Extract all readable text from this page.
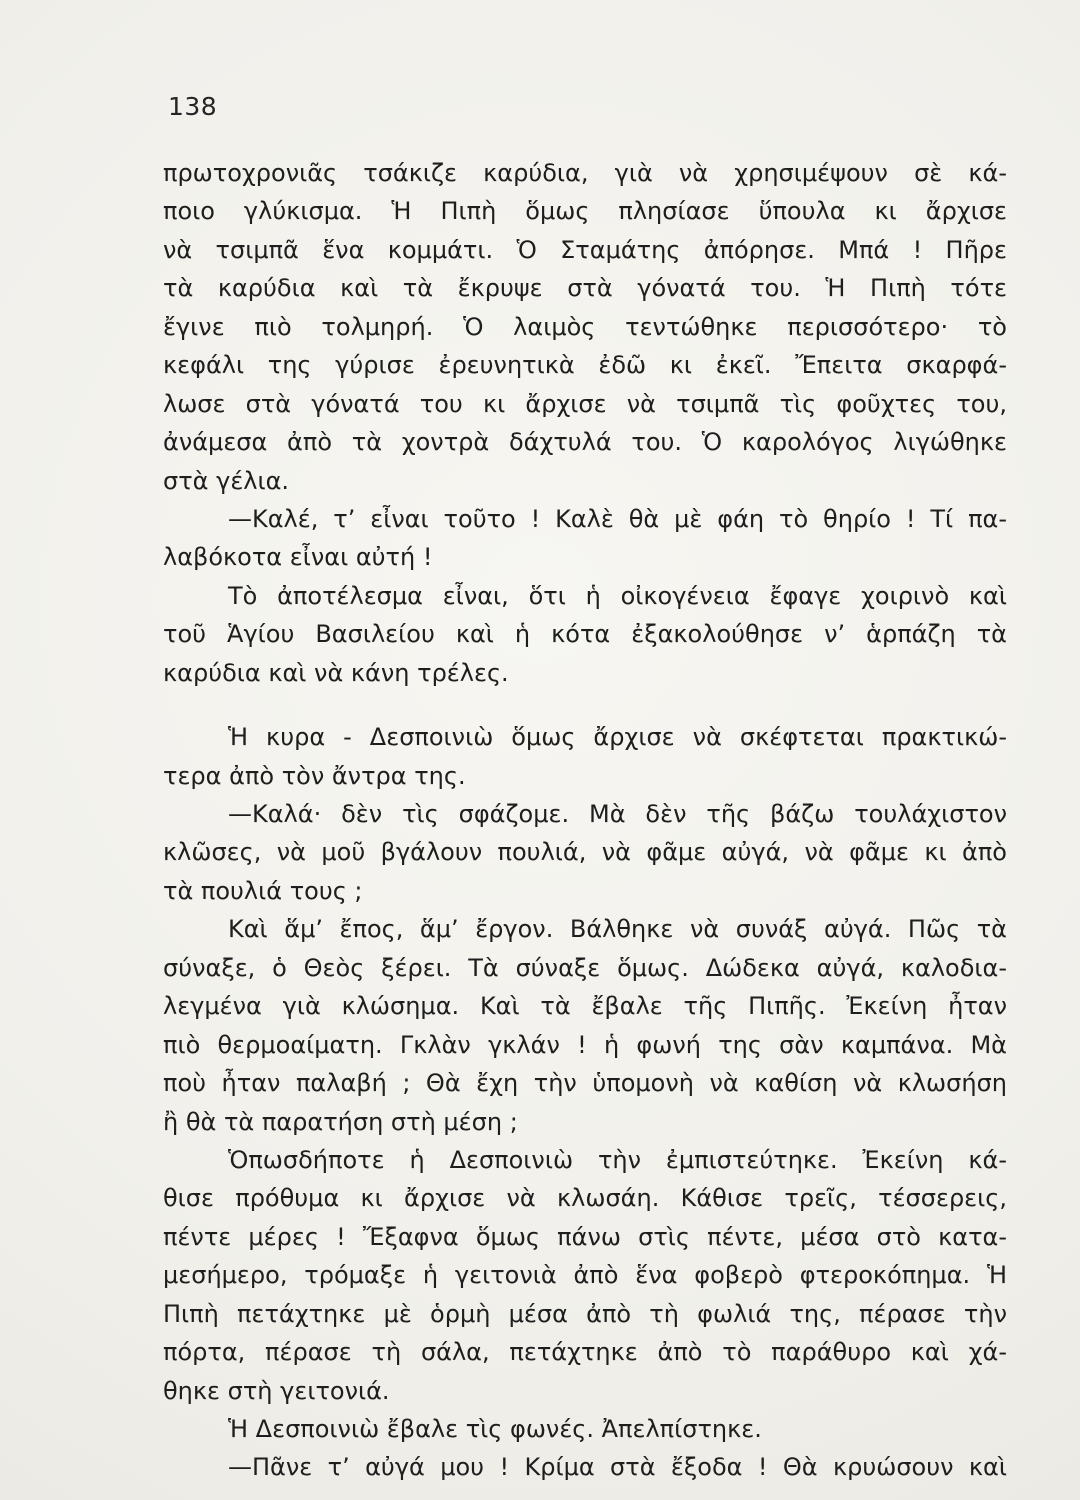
138
πρωτοχρονιᾶς τσάκιζε καρύδια, γιὰ νὰ χρησιμέψουν σὲ κά-
ποιο γλύκισμα. Ἡ Πιπὴ ὅμως πλησίασε ὕπουλα κι ἄρχισε
νὰ τσιμπᾶ ἕνα κομμάτι. Ὁ Σταμάτης ἀπόρησε. Μπά ! Πῆρε
τὰ καρύδια καὶ τὰ ἔκρυψε στὰ γόνατά του. Ἡ Πιπὴ τότε
ἔγινε πιὸ τολμηρή. Ὁ λαιμὸς τεντώθηκε περισσότερο· τὸ
κεφάλι της γύρισε ἐρευνητικὰ ἐδῶ κι ἐκεῖ. Ἔπειτα σκαρφά-
λωσε στὰ γόνατά του κι ἄρχισε νὰ τσιμπᾶ τὶς φοῦχτες του,
ἀνάμεσα ἀπὸ τὰ χοντρὰ δάχτυλά του. Ὁ καρολόγος λιγώθηκε
στὰ γέλια.
—Καλέ, τ’ εἶναι τοῦτο ! Καλὲ θὰ μὲ φάη τὸ θηρίο ! Τί πα-
λαβόκοτα εἶναι αὐτή !
Τὸ ἀποτέλεσμα εἶναι, ὅτι ἡ οἰκογένεια ἔφαγε χοιρινὸ καὶ
τοῦ Ἁγίου Βασιλείου καὶ ἡ κότα ἐξακολούθησε ν’ ἁρπάζη τὰ
καρύδια καὶ νὰ κάνη τρέλες.
Ἡ κυρα - Δεσποινιὼ ὅμως ἄρχισε νὰ σκέφτεται πρακτικώ-
τερα ἀπὸ τὸν ἄντρα της.
—Καλά· δὲν τὶς σφάζομε. Μὰ δὲν τῆς βάζω τουλάχιστον
κλῶσες, νὰ μοῦ βγάλουν πουλιά, νὰ φᾶμε αὐγά, νὰ φᾶμε κι ἀπὸ
τὰ πουλιά τους ;
Καὶ ἅμ’ ἔπος, ἅμ’ ἔργον. Βάλθηκε νὰ συνάξ αὐγά. Πῶς τὰ
σύναξε, ὁ Θεὸς ξέρει. Τὰ σύναξε ὅμως. Δώδεκα αὐγά, καλοδια-
λεγμένα γιὰ κλώσημα. Καὶ τὰ ἔβαλε τῆς Πιπῆς. Ἐκείνη ἦταν
πιὸ θερμοαίματη. Γκλὰν γκλάν ! ἡ φωνή της σὰν καμπάνα. Μὰ
ποὺ ἦταν παλαβή ; Θὰ ἔχη τὴν ὑπομονὴ νὰ καθίση νὰ κλωσήση
ἢ θὰ τὰ παρατήση στὴ μέση ;
Ὁπωσδήποτε ἡ Δεσποινιὼ τὴν ἐμπιστεύτηκε. Ἐκείνη κά-
θισε πρόθυμα κι ἄρχισε νὰ κλωσάη. Κάθισε τρεῖς, τέσσερεις,
πέντε μέρες ! Ἔξαφνα ὅμως πάνω στὶς πέντε, μέσα στὸ κατα-
μεσήμερο, τρόμαξε ἡ γειτονιὰ ἀπὸ ἕνα φοβερὸ φτεροκόπημα. Ἡ
Πιπὴ πετάχτηκε μὲ ὁρμὴ μέσα ἀπὸ τὴ φωλιά της, πέρασε τὴν
πόρτα, πέρασε τὴ σάλα, πετάχτηκε ἀπὸ τὸ παράθυρο καὶ χά-
θηκε στὴ γειτονιά.
Ἡ Δεσποινιὼ ἔβαλε τὶς φωνές. Ἀπελπίστηκε.
—Πᾶνε τ’ αὐγά μου ! Κρίμα στὰ ἔξοδα ! Θὰ κρυώσουν καὶ
